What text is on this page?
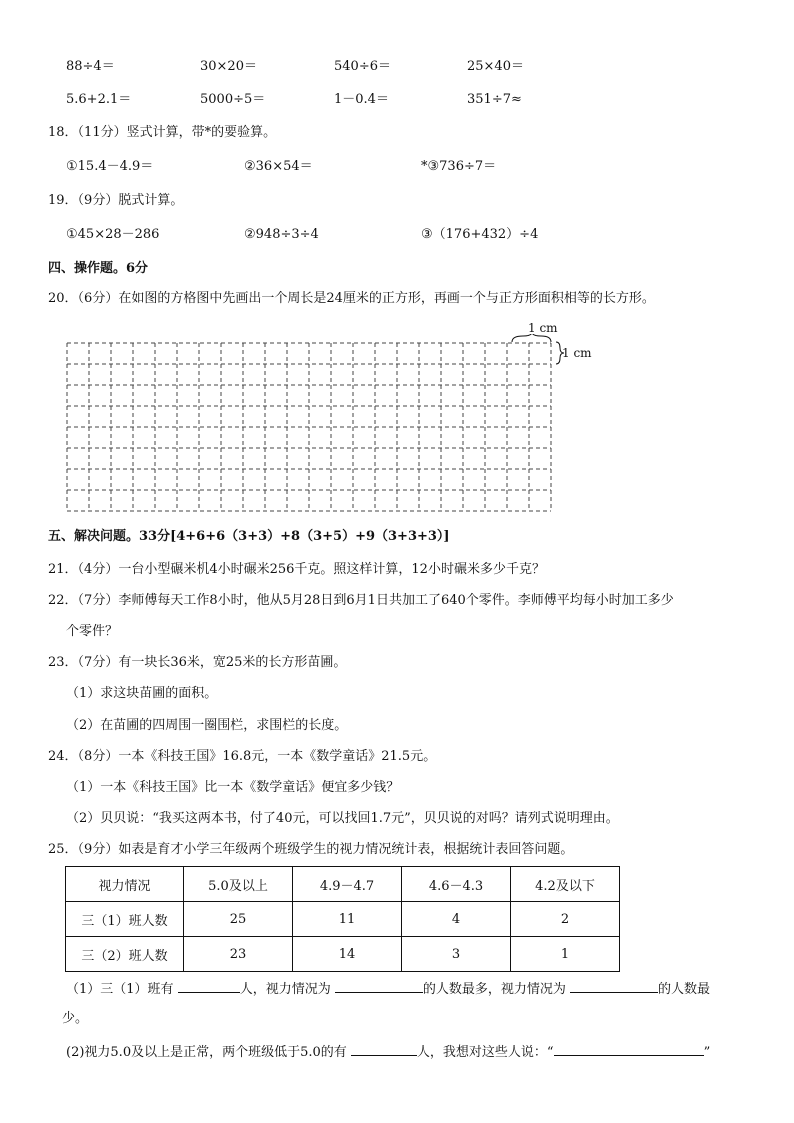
88÷4＝	30×20＝	540÷6＝	25×40＝
5.6+2.1＝	5000÷5＝	1－0.4＝	351÷7≈
18．（11分）竖式计算，带*的要验算。
①15.4－4.9＝	②36×54＝	*③736÷7＝
19．（9分）脱式计算。
①45×28－286	②948÷3÷4	③（176+432）÷4
四、操作题。6分
20．（6分）在如图的方格图中先画出一个周长是24厘米的正方形，再画一个与正方形面积相等的长方形。
1 cm
1 cm
五、解决问题。33分[4+6+6（3+3）+8（3+5）+9（3+3+3）]
21．（4分）一台小型碾米机4小时碾米256千克。照这样计算，12小时碾米多少千克？
22．（7分）李师傅每天工作8小时，他从5月28日到6月1日共加工了640个零件。李师傅平均每小时加工多少
个零件？
23．（7分）有一块长36米，宽25米的长方形苗圃。
（1）求这块苗圃的面积。
（2）在苗圃的四周围一圈围栏，求围栏的长度。
24．（8分）一本《科技王国》16.8元，一本《数学童话》21.5元。
（1）一本《科技王国》比一本《数学童话》便宜多少钱？
（2）贝贝说：“我买这两本书，付了40元，可以找回1.7元”，贝贝说的对吗？请列式说明理由。
25．（9分）如表是育才小学三年级两个班级学生的视力情况统计表，根据统计表回答问题。
视力情况	5.0及以上	4.9－4.7	4.6－4.3	4.2及以下
三（1）班人数	25	11	4	2
三（2）班人数	23	14	3	1
（1）三（1）班有	人，视力情况为	的人数最多，视力情况为	的人数最
少。
(2)视力5.0及以上是正常，两个班级低于5.0的有	人，我想对这些人说：“	”
